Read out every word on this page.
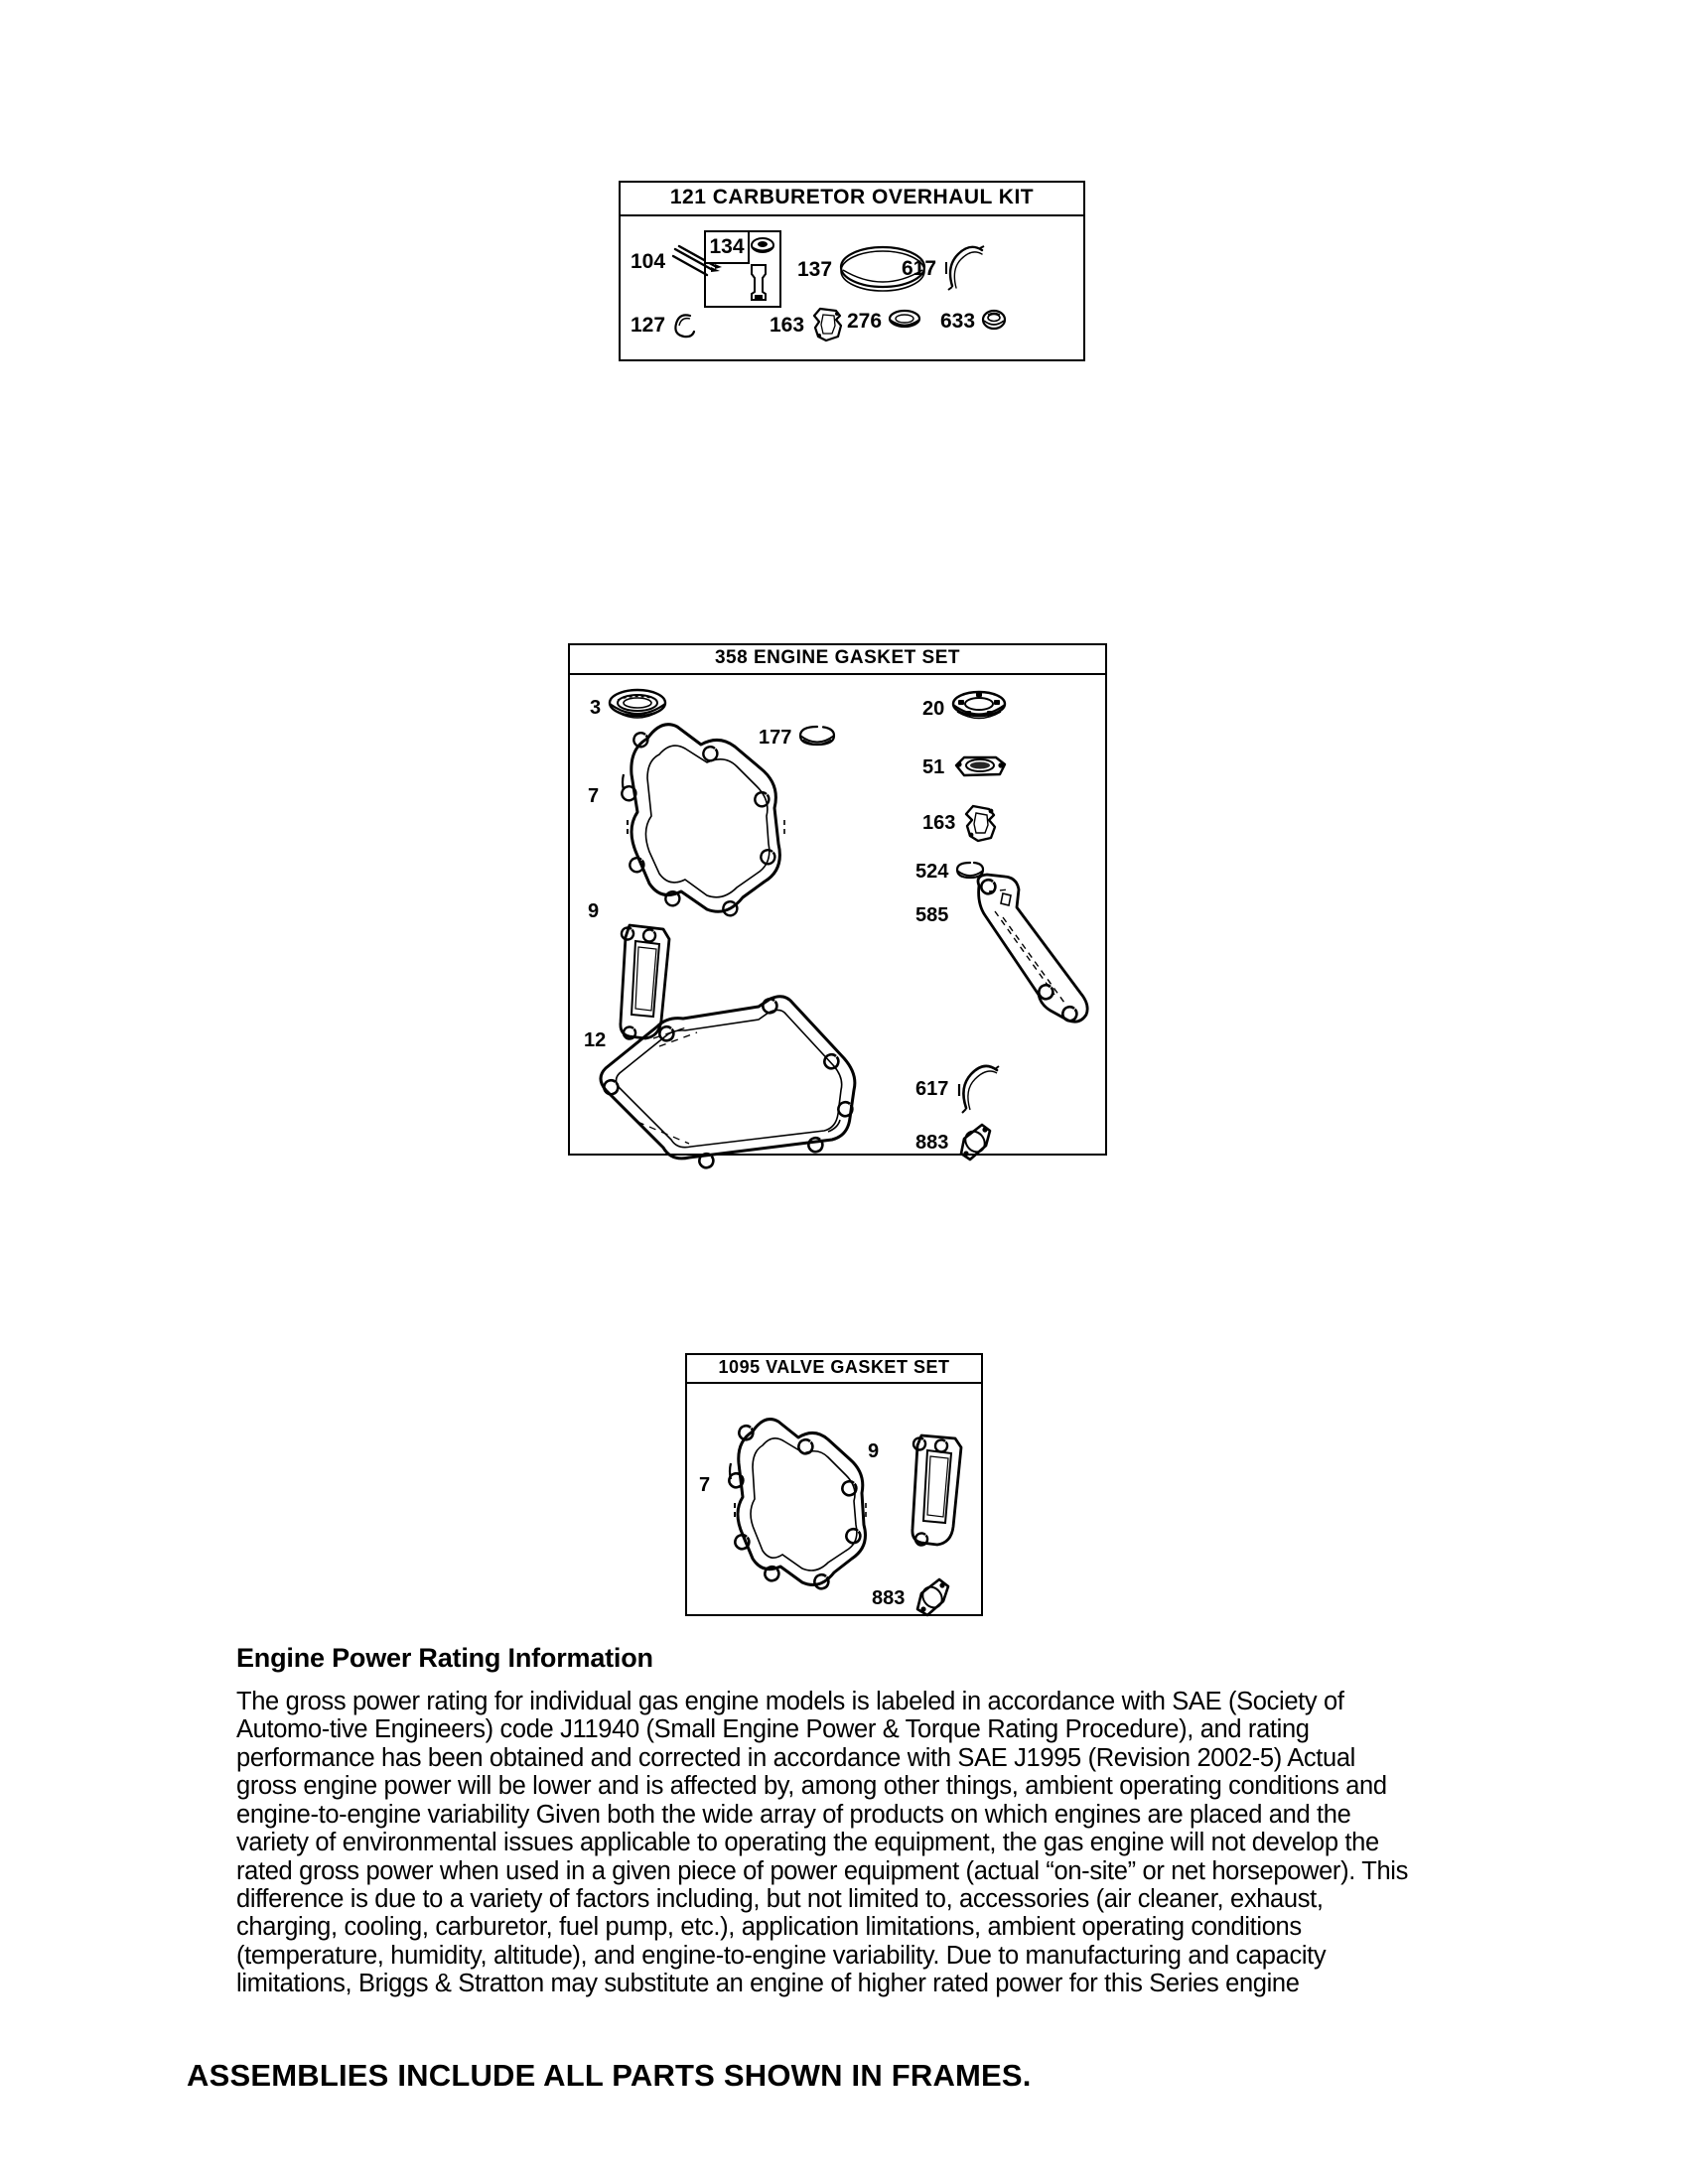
121 CARBURETOR OVERHAUL KIT
104
134
137	617
127	163 276	633
358 ENGINE GASKET SET
3	20
177
51
7
163
524
585
9
12
617
883
1095 VALVE GASKET SET
7
9
883
Engine Power Rating Information

The gross power rating for individual gas engine models is labeled in accordance with SAE (Society of Automo-tive Engineers) code J11940 (Small Engine Power & Torque Rating Procedure), and rating performance has been obtained and corrected in accordance with SAE J1995 (Revision 2002-5) Actual gross engine power will be lower and is affected by, among other things, ambient operating conditions and engine-to-engine variability Given both the wide array of products on which engines are placed and the variety of environmental issues applicable to operating the equipment, the gas engine will not develop the rated gross power when used in a given piece of power equipment (actual “on-site” or net horsepower). This difference is due to a variety of factors including, but not limited to, accessories (air cleaner, exhaust, charging, cooling, carburetor, fuel pump, etc.), application limitations, ambient operating conditions (temperature, humidity, altitude), and engine-to-engine variability. Due to manufacturing and capacity limitations, Briggs & Stratton may substitute an engine of higher rated power for this Series engine

ASSEMBLIES INCLUDE ALL PARTS SHOWN IN FRAMES.
